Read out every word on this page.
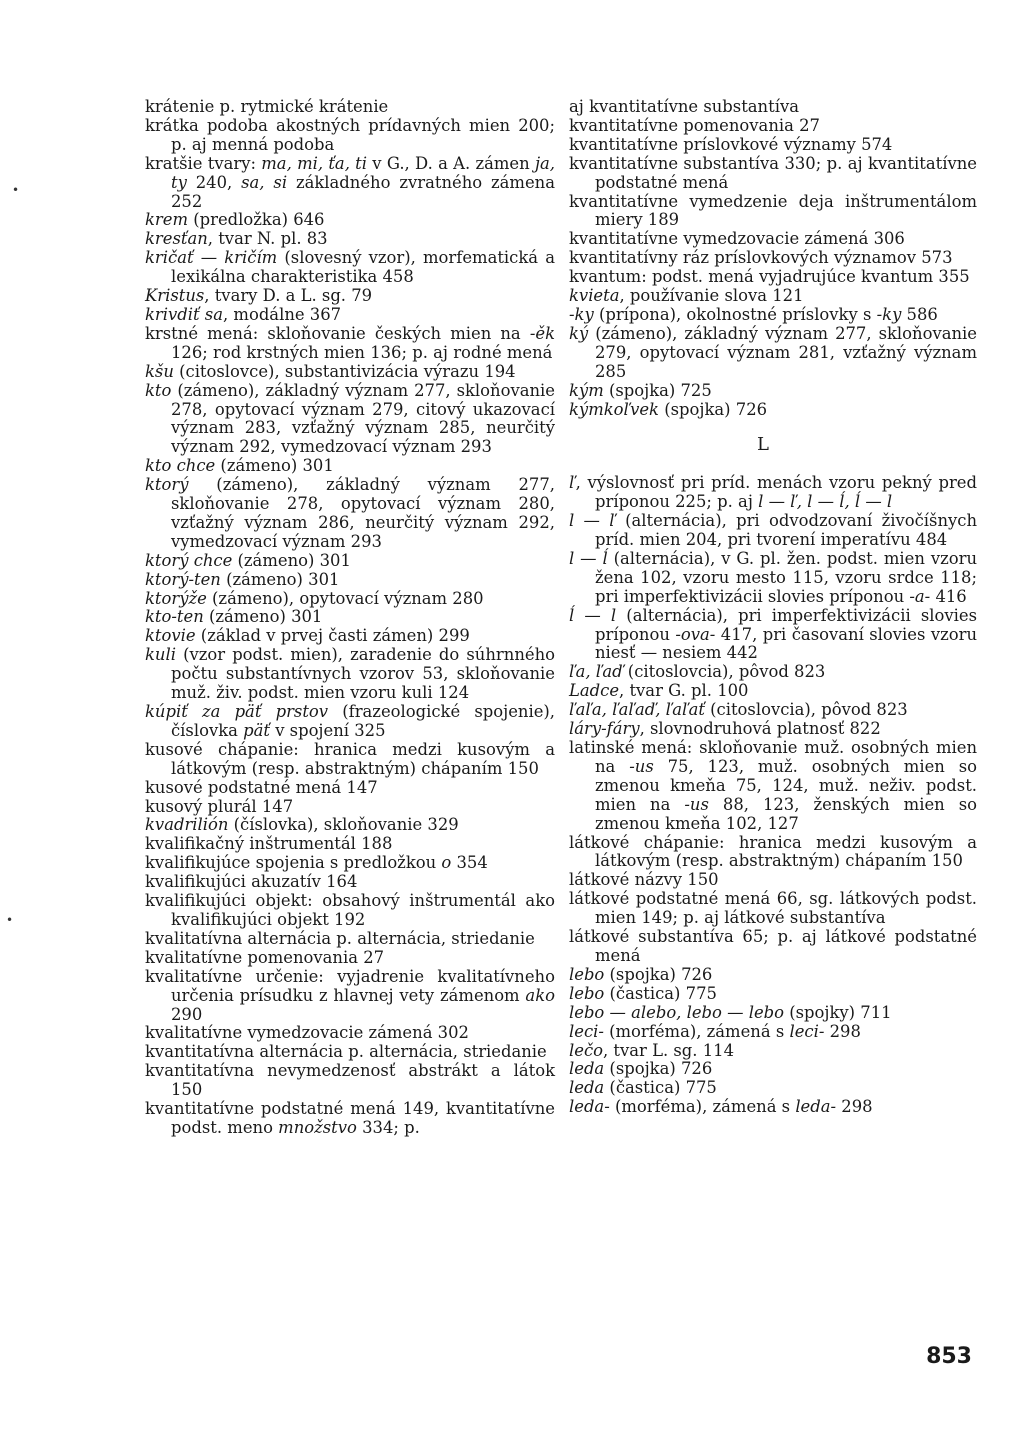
krátenie p. rytmické krátenie

krátka podoba akostných prídavných mien 200; p. aj menná podoba

kratšie tvary: ma, mi, ťa, ti v G., D. a A. zámen ja, ty 240, sa, si základného zvratného zámena 252

krem (predložka) 646

kresťan, tvar N. pl. 83

kričať — kričím (slovesný vzor), morfematická a lexikálna charakteristika 458

Kristus, tvary D. a L. sg. 79

krivdiť sa, modálne 367

krstné mená: skloňovanie českých mien na -ěk 126; rod krstných mien 136; p. aj rodné mená

kšu (citoslovce), substantivizácia výrazu 194

kto (zámeno), základný význam 277, skloňovanie 278, opytovací význam 279, citový ukazovací význam 283, vzťažný význam 285, neurčitý význam 292, vymedzovací význam 293

kto chce (zámeno) 301

ktorý (zámeno), základný význam 277, skloňovanie 278, opytovací význam 280, vzťažný význam 286, neurčitý význam 292, vymedzovací význam 293

ktorý chce (zámeno) 301

ktorý-ten (zámeno) 301

ktorýže (zámeno), opytovací význam 280

kto-ten (zámeno) 301

ktovie (základ v prvej časti zámen) 299

kuli (vzor podst. mien), zaradenie do súhrnného počtu substantívnych vzorov 53, skloňovanie muž. živ. podst. mien vzoru kuli 124

kúpiť za päť prstov (frazeologické spojenie), číslovka päť v spojení 325

kusové chápanie: hranica medzi kusovým a látkovým (resp. abstraktným) chápaním 150

kusové podstatné mená 147

kusový plurál 147

kvadrilión (číslovka), skloňovanie 329

kvalifikačný inštrumentál 188

kvalifikujúce spojenia s predložkou o 354

kvalifikujúci akuzatív 164

kvalifikujúci objekt: obsahový inštrumentál ako kvalifikujúci objekt 192

kvalitatívna alternácia p. alternácia, striedanie

kvalitatívne pomenovania 27

kvalitatívne určenie: vyjadrenie kvalitatívneho určenia prísudku z hlavnej vety zámenom ako 290

kvalitatívne vymedzovacie zámená 302

kvantitatívna alternácia p. alternácia, striedanie

kvantitatívna nevymedzenosť abstrákt a látok 150

kvantitatívne podstatné mená 149, kvantitatívne podst. meno množstvo 334; p.

aj kvantitatívne substantíva

kvantitatívne pomenovania 27

kvantitatívne príslovkové významy 574

kvantitatívne substantíva 330; p. aj kvantitatívne podstatné mená

kvantitatívne vymedzenie deja inštrumentálom miery 189

kvantitatívne vymedzovacie zámená 306

kvantitatívny ráz príslovkových významov 573

kvantum: podst. mená vyjadrujúce kvantum 355

kvieta, používanie slova 121

-ky (prípona), okolnostné príslovky s -ky 586

ký (zámeno), základný význam 277, skloňovanie 279, opytovací význam 281, vzťažný význam 285

kým (spojka) 725

kýmkoľvek (spojka) 726

L

ľ, výslovnosť pri príd. menách vzoru pekný pred príponou 225; p. aj l — ľ, l — ĺ, ĺ — l

l — ľ (alternácia), pri odvodzovaní živočíšnych príd. mien 204, pri tvorení imperatívu 484

l — ĺ (alternácia), v G. pl. žen. podst. mien vzoru žena 102, vzoru mesto 115, vzoru srdce 118; pri imperfektivizácii slovies príponou -a- 416

ĺ — l (alternácia), pri imperfektivizácii slovies príponou -ova- 417, pri časovaní slovies vzoru niesť — nesiem 442

ľa, ľaď (citoslovcia), pôvod 823

Ladce, tvar G. pl. 100

ľaľa, ľaľaď, ľaľať (citoslovcia), pôvod 823

láry-fáry, slovnodruhová platnosť 822

latinské mená: skloňovanie muž. osobných mien na -us 75, 123, muž. osobných mien so zmenou kmeňa 75, 124, muž. neživ. podst. mien na -us 88, 123, ženských mien so zmenou kmeňa 102, 127

látkové chápanie: hranica medzi kusovým a látkovým (resp. abstraktným) chápaním 150

látkové názvy 150

látkové podstatné mená 66, sg. látkových podst. mien 149; p. aj látkové substantíva

látkové substantíva 65; p. aj látkové podstatné mená

lebo (spojka) 726

lebo (častica) 775

lebo — alebo, lebo — lebo (spojky) 711

leci- (morféma), zámená s leci- 298

lečo, tvar L. sg. 114

leda (spojka) 726

leda (častica) 775

leda- (morféma), zámená s leda- 298

853
•
•
